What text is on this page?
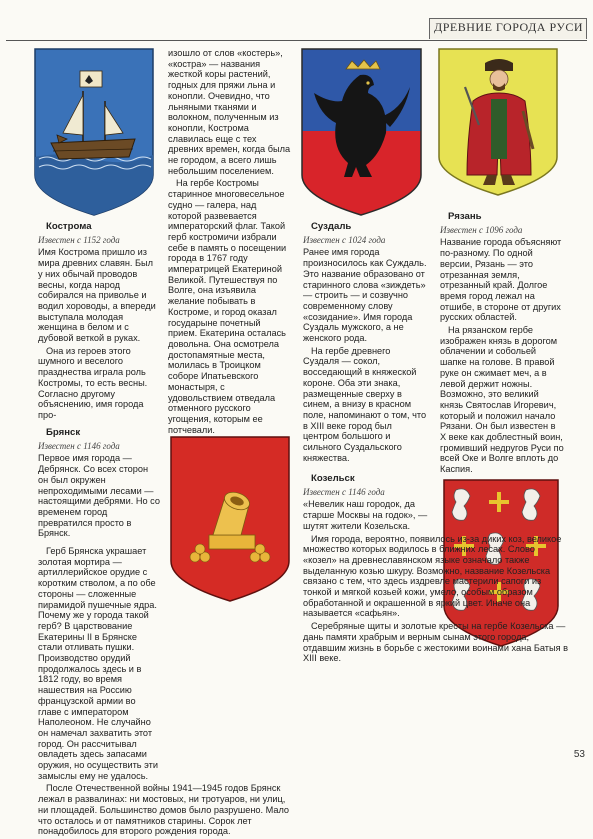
ДРЕВНИЕ ГОРОДА РУСИ

Кострома

Известен с 1152 года

Имя Кострома пришло из мира древних славян. Был у них обычай проводов весны, когда народ собирался на приволье и водил хороводы, а впереди выступала молодая женщина в белом и с дубовой веткой в руках.

Она из героев этого шумного и веселого празднества играла роль Костромы, то есть весны. Согласно другому объяснению, имя города про-

изошло от слов «костерь», «костра» — названия жесткой коры растений, годных для пряжи льна и конопли. Очевидно, что льняными тканями и волокном, полученным из конопли, Кострома славилась еще с тех древних времен, когда была не городом, а всего лишь небольшим поселением.

На гербе Костромы старинное многовесельное судно — галера, над которой развевается императорский флаг. Такой герб костромичи избрали себе в память о посещении города в 1767 году императрицей Екатериной Великой. Путешествуя по Волге, она изъявила желание побывать в Костроме, и город оказал государыне почетный прием. Екатерина осталась довольна. Она осмотрела достопамятные места, молилась в Троицком соборе Ипатьевского монастыря, с удовольствием отведала отменного русского угощения, которым ее потчевали.

Суздаль

Известен с 1024 года

Ранее имя города произносилось как Суждаль. Это название образовано от старинного слова «зиждеть» — строить — и созвучно современному слову «созидание». Имя города Суздаль мужского, а не женского рода.

На гербе древнего Суздаля — сокол, восседающий в княжеской короне. Оба эти знака, размещенные сверху в синем, а внизу в красном поле, напоминают о том, что в XIII веке город был центром большого и сильного Суздальского княжества.

Рязань

Известен с 1096 года

Название города объясняют по-разному. По одной версии, Рязань — это отрезанная земля, отрезанный край. Долгое время город лежал на отшибе, в стороне от других русских областей.

На рязанском гербе изображен князь в дорогом облачении и собольей шапке на голове. В правой руке он сжимает меч, а в левой держит ножны. Возможно, это великий князь Святослав Игоревич, который и положил начало Рязани. Он был известен в X веке как доблестный воин, громивший недругов Руси по всей Оке и Волге вплоть до Каспия.

Брянск

Известен с 1146 года

Первое имя города — Дебрянск. Со всех сторон он был окружен непроходимыми лесами — настоящими дебрями. Но со временем город превратился просто в Брянск.

Герб Брянска украшает золотая мортира — артиллерийское орудие с коротким стволом, а по обе стороны — сложенные пирамидой пушечные ядра. Почему же у города такой герб? В царствование Екатерины II в Брянске стали отливать пушки. Производство орудий продолжалось здесь и в 1812 году, во время нашествия на Россию французской армии во главе с императором Наполеоном. Не случайно он намечал захватить этот город. Он рассчитывал овладеть здесь запасами оружия, но осуществить эти замыслы ему не удалось.

После Отечественной войны 1941—1945 годов Брянск лежал в развалинах: ни мостовых, ни тротуаров, ни улиц, ни площадей. Большинство домов было разрушено. Мало что осталось и от памятников старины. Сорок лет понадобилось для второго рождения города.

Козельск

Известен с 1146 года

«Невелик наш городок, да старше Москвы на годок», — шутят жители Козельска.

Имя города, вероятно, появилось из-за диких коз, великое множество которых водилось в ближних лесах. Слово «козел» на древнеславянском языке означало также выделанную козью шкуру. Возможно, название Козельска связано с тем, что здесь издревле мастерили сапоги из тонкой и мягкой козьей кожи, умело, особым образом обработанной и окрашенной в яркий цвет. Иначе она называется «сафьян».

Серебряные щиты и золотые кресты на гербе Козельска — дань памяти храбрым и верным сынам этого города, отдавшим жизнь в борьбе с жестокими воинами хана Батыя в XIII веке.

53
